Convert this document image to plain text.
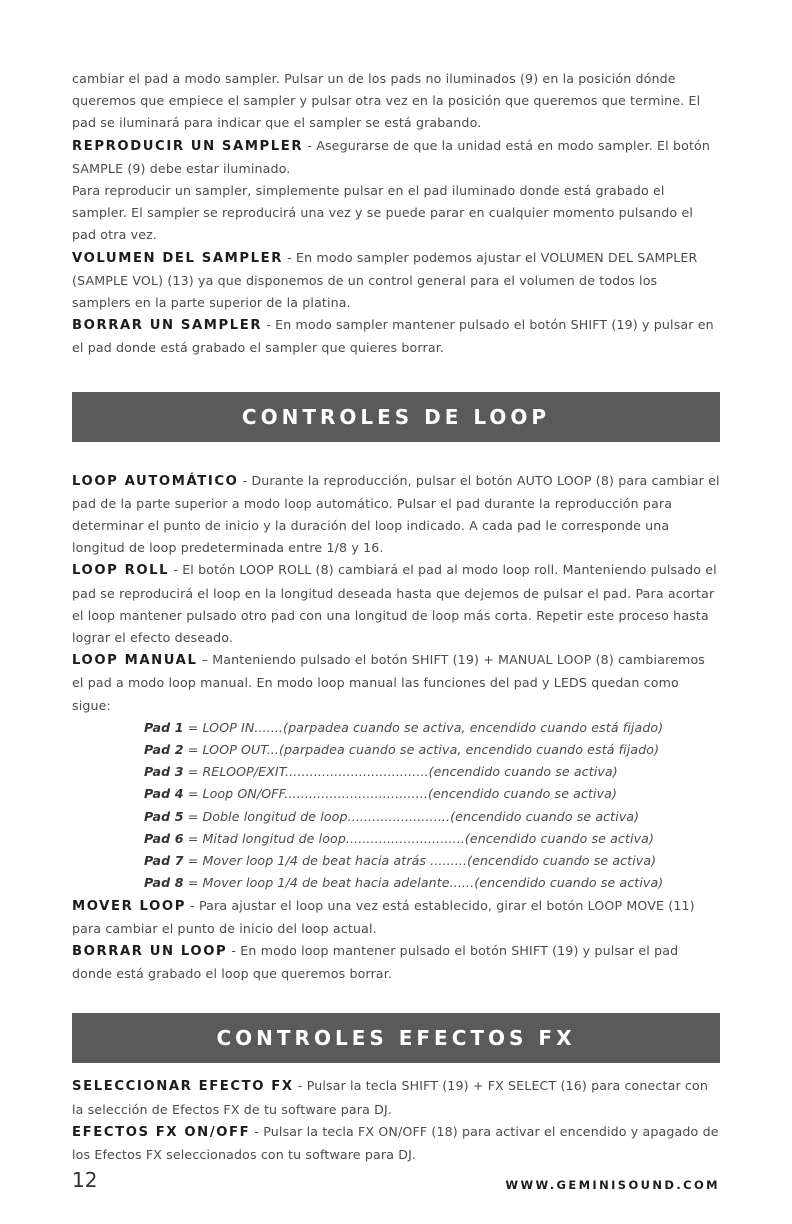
cambiar el pad a modo sampler. Pulsar un de los pads no iluminados (9) en la posición dónde queremos que empiece el sampler y pulsar otra vez en la posición que queremos que termine. El pad se iluminará para indicar que el sampler se está grabando.

REPRODUCIR UN SAMPLER - Asegurarse de que la unidad está en modo sampler. El botón SAMPLE (9) debe estar iluminado.

Para reproducir un sampler, simplemente pulsar en el pad iluminado donde está grabado el sampler. El sampler se reproducirá una vez y se puede parar en cualquier momento pulsando el pad otra vez.

VOLUMEN DEL SAMPLER - En modo sampler podemos ajustar el VOLUMEN DEL SAMPLER (SAMPLE VOL) (13) ya que disponemos de un control general para el volumen de todos los samplers en la parte superior de la platina.

BORRAR UN SAMPLER - En modo sampler mantener pulsado el botón SHIFT (19) y pulsar en el pad donde está grabado el sampler que quieres borrar.

CONTROLES DE LOOP

LOOP AUTOMÁTICO - Durante la reproducción, pulsar el botón AUTO LOOP (8) para cambiar el pad de la parte superior a modo loop automático. Pulsar el pad durante la reproducción para determinar el punto de inicio y la duración del loop indicado. A cada pad le corresponde una longitud de loop predeterminada entre 1/8 y 16.

LOOP ROLL - El botón LOOP ROLL (8) cambiará el pad al modo loop roll. Manteniendo pulsado el pad se reproducirá el loop en la longitud deseada hasta que dejemos de pulsar el pad. Para acortar el loop mantener pulsado otro pad con una longitud de loop más corta. Repetir este proceso hasta lograr el efecto deseado.

LOOP MANUAL – Manteniendo pulsado el botón SHIFT (19) + MANUAL LOOP (8) cambiaremos el pad a modo loop manual. En modo loop manual las funciones del pad y LEDS quedan como sigue:

Pad 1 = LOOP IN.......(parpadea cuando se activa, encendido cuando está fijado)
Pad 2 = LOOP OUT...(parpadea cuando se activa, encendido cuando está fijado)
Pad 3 = RELOOP/EXIT...................................(encendido cuando se activa)
Pad 4 = Loop ON/OFF...................................(encendido cuando se activa)
Pad 5 = Doble longitud de loop.........................(encendido cuando se activa)
Pad 6 = Mitad longitud de loop.............................(encendido cuando se activa)
Pad 7 = Mover loop 1/4 de beat hacia atrás .........(encendido cuando se activa)
Pad 8 = Mover loop 1/4 de beat hacia adelante......(encendido cuando se activa)

MOVER LOOP - Para ajustar el loop una vez está establecido, girar el botón LOOP MOVE (11) para cambiar el punto de inicio del loop actual.

BORRAR UN LOOP - En modo loop mantener pulsado el botón SHIFT (19) y pulsar el pad donde está grabado el loop que queremos borrar.

CONTROLES EFECTOS FX

SELECCIONAR EFECTO FX - Pulsar la tecla SHIFT (19) + FX SELECT (16) para conectar con la selección de Efectos FX de tu software para DJ.

EFECTOS FX ON/OFF - Pulsar la tecla FX ON/OFF (18) para activar el encendido y apagado de los Efectos FX seleccionados con tu software para DJ.

12	WWW.GEMINISOUND.COM
